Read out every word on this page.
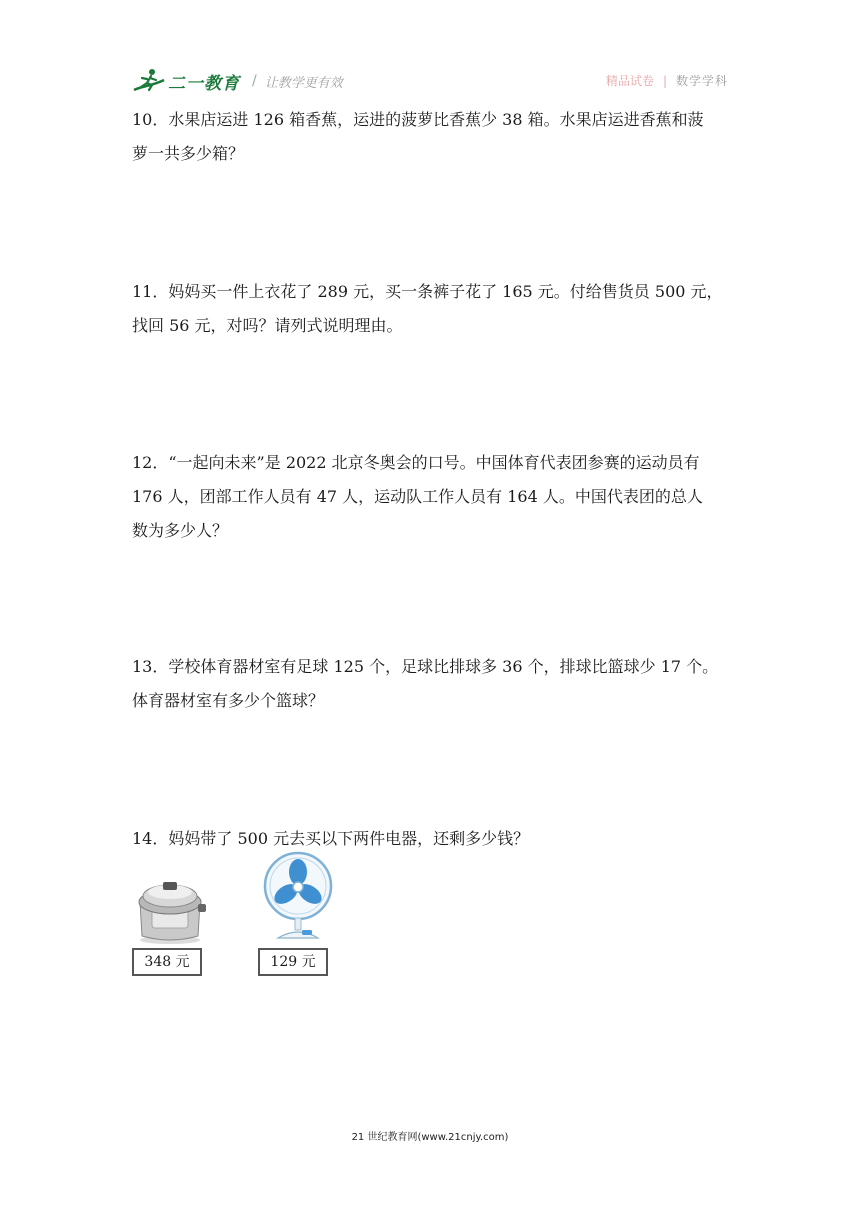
二一教育 / 让教学更有效	精品试卷 | 数学学科

10．水果店运进 126 箱香蕉，运进的菠萝比香蕉少 38 箱。水果店运进香蕉和菠

萝一共多少箱？

11．妈妈买一件上衣花了 289 元，买一条裤子花了 165 元。付给售货员 500 元，

找回 56 元，对吗？请列式说明理由。

12．“一起向未来”是 2022 北京冬奥会的口号。中国体育代表团参赛的运动员有

176 人，团部工作人员有 47 人，运动队工作人员有 164 人。中国代表团的总人

数为多少人？

13．学校体育器材室有足球 125 个，足球比排球多 36 个，排球比篮球少 17 个。

体育器材室有多少个篮球？

14．妈妈带了 500 元去买以下两件电器，还剩多少钱？

348 元	129 元
21 世纪教育网(www.21cnjy.com)
